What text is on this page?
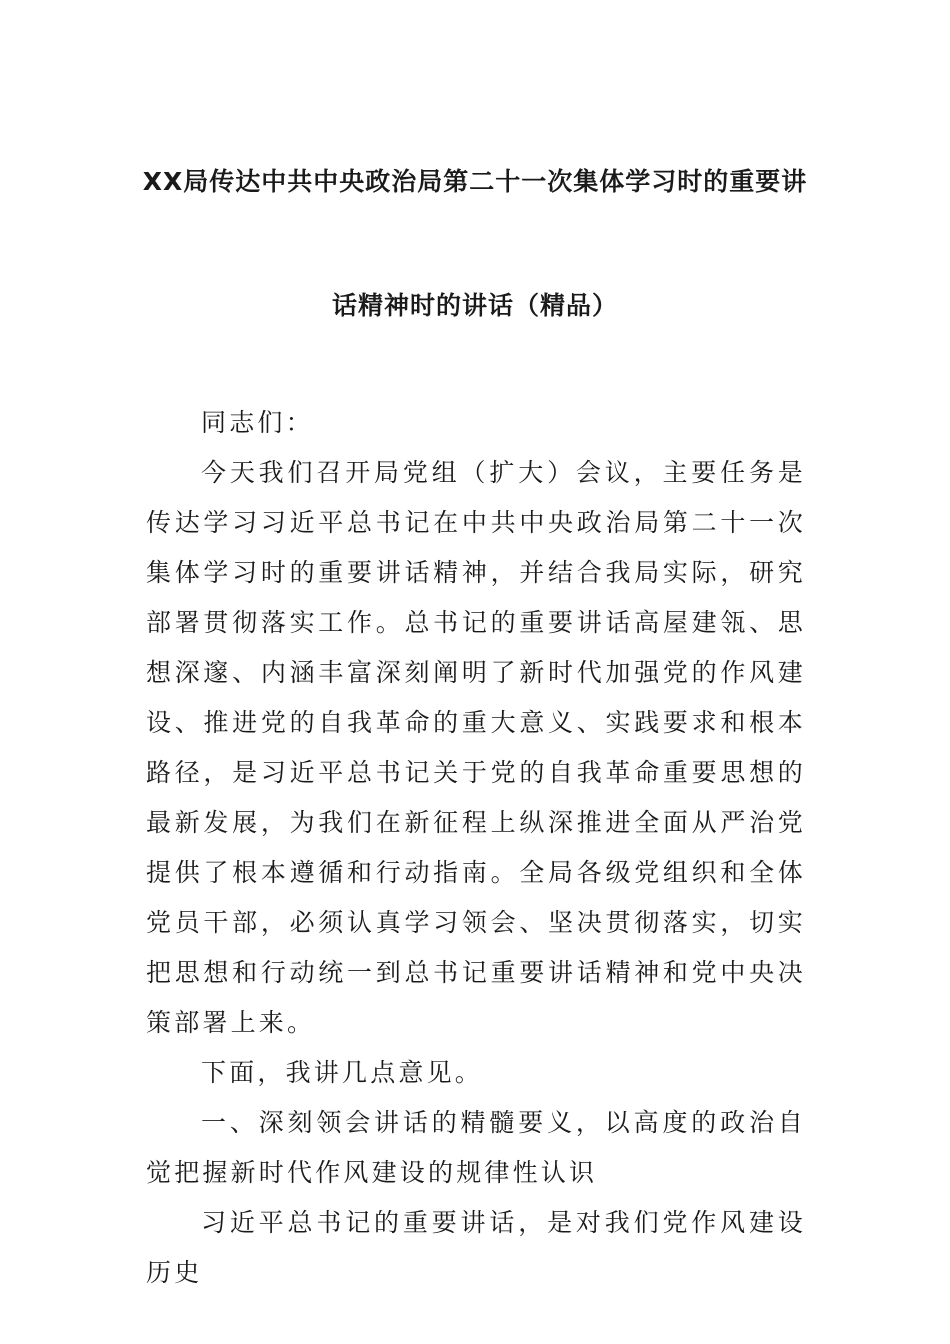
XX局传达中共中央政治局第二十一次集体学习时的重要讲
话精神时的讲话（精品）

同志们：

今天我们召开局党组（扩大）会议，主要任务是传达学习习近平总书记在中共中央政治局第二十一次集体学习时的重要讲话精神，并结合我局实际，研究部署贯彻落实工作。总书记的重要讲话高屋建瓴、思想深邃、内涵丰富深刻阐明了新时代加强党的作风建设、推进党的自我革命的重大意义、实践要求和根本路径，是习近平总书记关于党的自我革命重要思想的最新发展，为我们在新征程上纵深推进全面从严治党提供了根本遵循和行动指南。全局各级党组织和全体党员干部，必须认真学习领会、坚决贯彻落实，切实把思想和行动统一到总书记重要讲话精神和党中央决策部署上来。

下面，我讲几点意见。

一、深刻领会讲话的精髓要义，以高度的政治自觉把握新时代作风建设的规律性认识

习近平总书记的重要讲话，是对我们党作风建设历史
